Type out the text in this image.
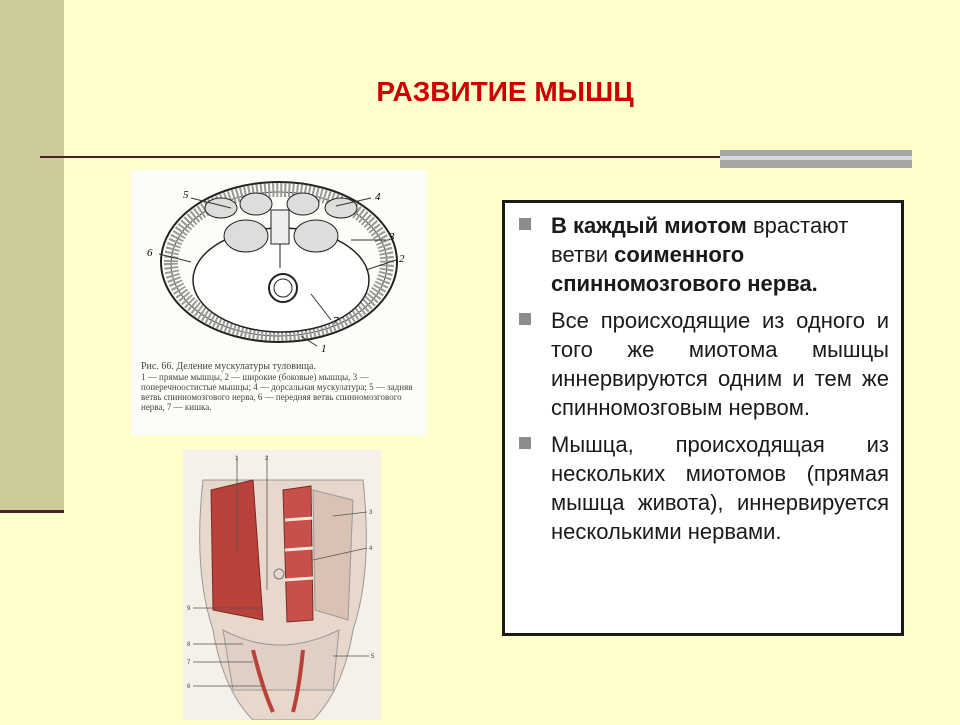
РАЗВИТИЕ МЫШЦ
5	4
3
2
6
7
1
Рис. 66. Деление мускулатуры туловища.
1 — прямые мышцы, 2 — широкие (боковые) мышцы, 3 — поперечноостистые мышцы; 4 — дорсальная мускулатура; 5 — задняя ветвь спинномозгового нерва, 6 — передняя ветвь спинномозгового нерва, 7 — кишка.
1	2
3
4
5
6
7
8
9
В каждый миотом врастают ветви соименного спинномозгового нерва.
Все происходящие из одного и того же миотома мышцы иннервируются одним и тем же спинномозговым нервом.
Мышца, происходящая из нескольких миотомов (прямая мышца живота), иннервируется несколькими нервами.
